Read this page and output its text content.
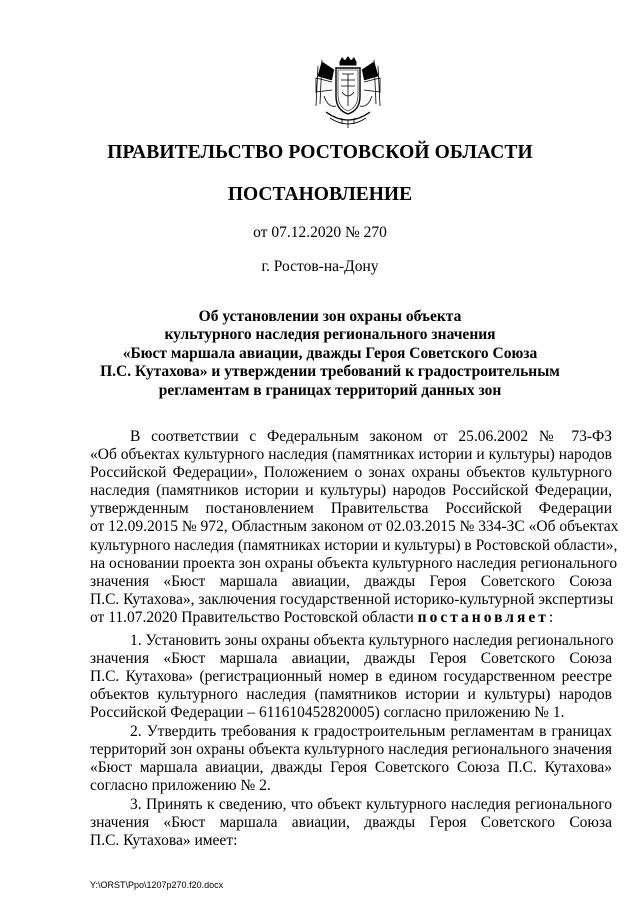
ПРАВИТЕЛЬСТВО РОСТОВСКОЙ ОБЛАСТИ
ПОСТАНОВЛЕНИЕ
от 07.12.2020 № 270
г. Ростов-на-Дону
Об установлении зон охраны объекта
культурного наследия регионального значения
«Бюст маршала авиации, дважды Героя Советского Союза
П.С. Кутахова» и утверждении требований к градостроительным
регламентам в границах территорий данных зон
В соответствии с Федеральным законом от 25.06.2002 № 73-ФЗ
«Об объектах культурного наследия (памятниках истории и культуры) народов
Российской Федерации», Положением о зонах охраны объектов культурного
наследия (памятников истории и культуры) народов Российской Федерации,
утвержденным постановлением Правительства Российской Федерации
от 12.09.2015 № 972, Областным законом от 02.03.2015 № 334-ЗС «Об объектах
культурного наследия (памятниках истории и культуры) в Ростовской области»,
на основании проекта зон охраны объекта культурного наследия регионального
значения «Бюст маршала авиации, дважды Героя Советского Союза
П.С. Кутахова», заключения государственной историко-культурной экспертизы
от 11.07.2020 Правительство Ростовской области постановляет:
1. Установить зоны охраны объекта культурного наследия регионального
значения «Бюст маршала авиации, дважды Героя Советского Союза
П.С. Кутахова» (регистрационный номер в едином государственном реестре
объектов культурного наследия (памятников истории и культуры) народов
Российской Федерации – 611610452820005) согласно приложению № 1.
2. Утвердить требования к градостроительным регламентам в границах
территорий зон охраны объекта культурного наследия регионального значения
«Бюст маршала авиации, дважды Героя Советского Союза П.С. Кутахова»
согласно приложению № 2.
3. Принять к сведению, что объект культурного наследия регионального
значения «Бюст маршала авиации, дважды Героя Советского Союза
П.С. Кутахова» имеет:
Y:\ORST\Ppo\1207p270.f20.docx
